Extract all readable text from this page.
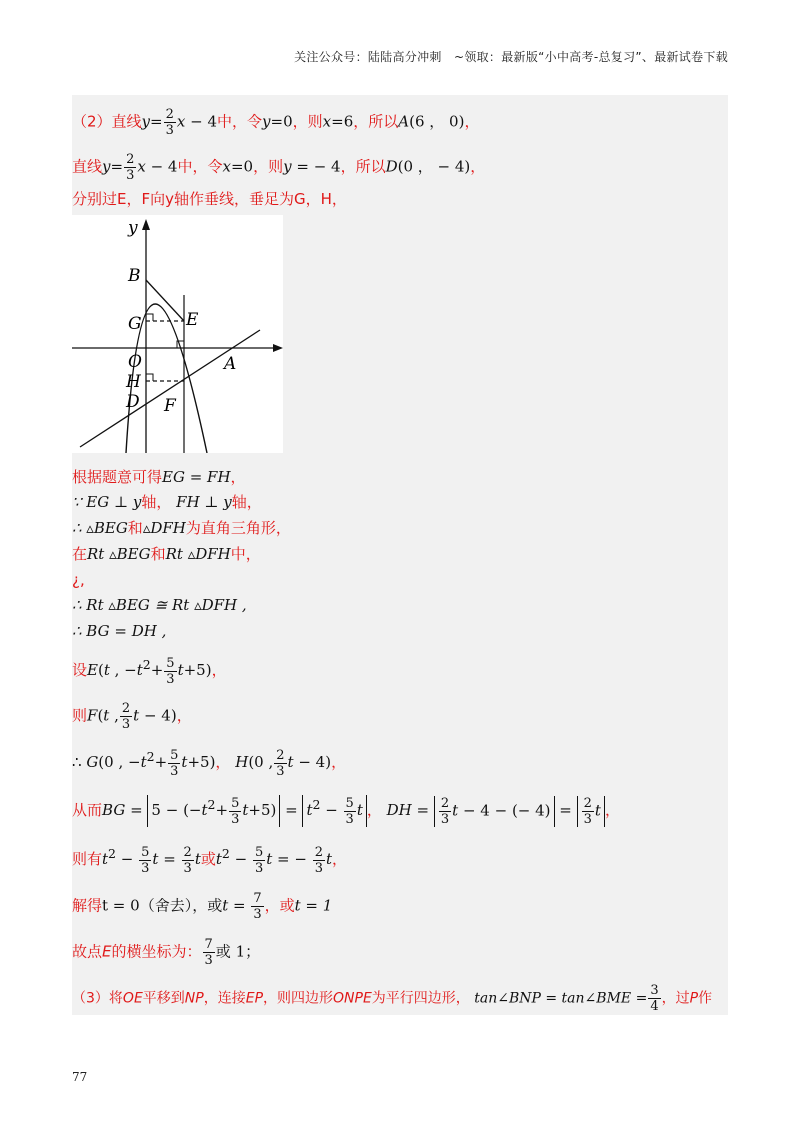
关注公众号：陆陆高分冲刺　~领取：最新版“小中高考-总复习”、最新试卷下载
（2）直线$y= \frac{2}{3}$ x − 4中，令y=0，则x=6，所以A(6 ， 0)，
直线$y= \frac{2}{3}$ x − 4中，令x=0，则y = − 4，所以D(0 ， − 4)，
分别过E，F向y轴作垂线，垂足为G，H，
y
B
G	E
O
H
D F
A
根据题意可得EG = FH，
∵ EG ⊥ y轴， FH ⊥ y轴，
∴ ▵BEG和▵DFH为直角三角形，
在Rt ▵BEG和Rt ▵DFH中，
¿,
∴ Rt ▵BEG ≅ Rt ▵DFH ,
∴ BG = DH ,
设E(t , $-t^2+ \frac{5}{3} t+5$)，
则F(t , $\frac{2}{3}$ t − 4)，
∴ G(0 , $-t^2+ \frac{5}{3} t+5$)， H(0 , $\frac{2}{3}$ t − 4)，
从而BG = $5 - (-t^2+ \frac{5}{3} t+5) = t^2 - \frac{5}{3}$ t ， DH = $\frac{2}{3}$ t − 4 − (− $4) = \frac{2}{3}$ t ，
则有$t^2 - \frac{5}{3}$ $t = \frac{2}{3}$ t或$t^2 - \frac{5}{3}$ t = − $\frac{2}{3}$ t，
解得t = 0（舍去），或$t = \frac{7}{3}$ ，或t = 1
故点E的横坐标为： $\frac{7}{3}$ 或 1；
（3）将OE平移到NP，连接EP，则四边形ONPE为平行四边形， tan∠BNP = tan∠BME = $\frac{3}{4}$ ，过P作
77
